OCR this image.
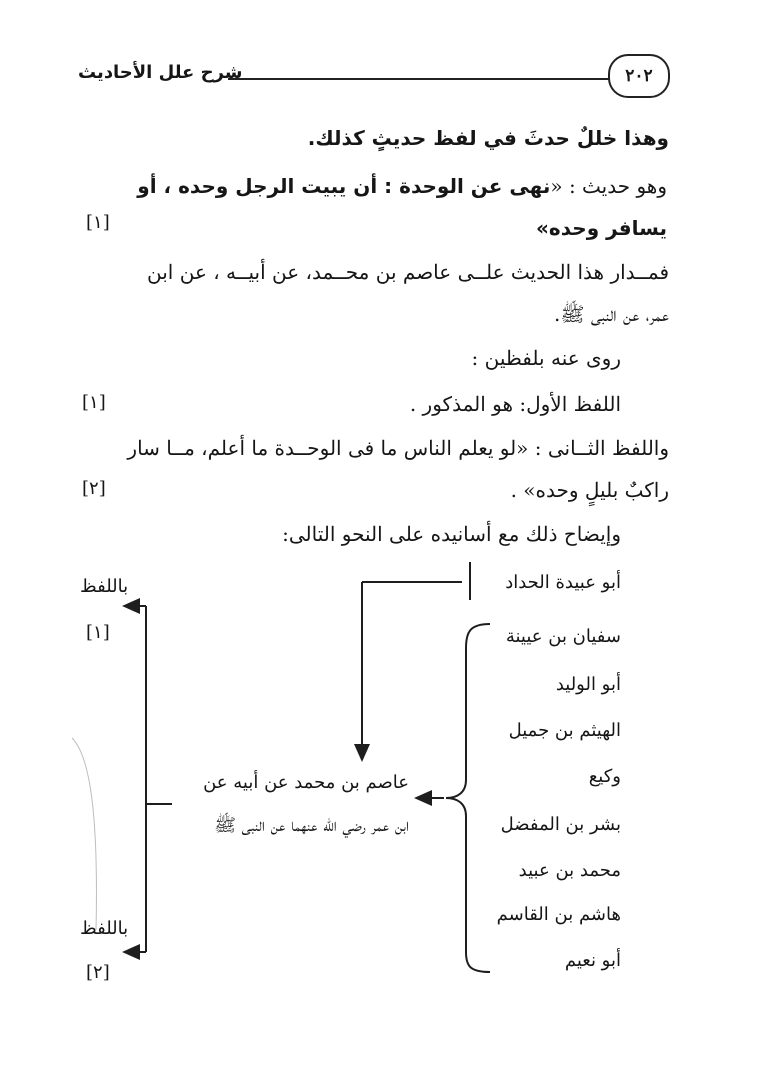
شرح علل الأحاديث	٢٠٢
وهذا خللٌ حدثَ في لفظ حديثٍ كذلك.
وهو حديث : «نهى عن الوحدة : أن يبيت الرجل وحده ، أو
يسافر وحده»
[١]
فمــدار هذا الحديث علــى عاصم بن محــمد، عن أبيــه ، عن ابن
عمر، عن النبى ﷺ.
روى عنه بلفظين :
اللفظ الأول: هو المذكور .
[١]
واللفظ الثــانى : «لو يعلم الناس ما فى الوحــدة ما أعلم، مــا سار
راكبٌ بليلٍ وحده» .
[٢]
وإيضاح ذلك مع أسانيده على النحو التالى:
أبو عبيدة الحداد
سفيان بن عيينة
أبو الوليد
الهيثم بن جميل
وكيع
بشر بن المفضل
محمد بن عبيد
هاشم بن القاسم
أبو نعيم
عاصم بن محمد عن أبيه عن
ابن عمر رضي الله عنهما عن النبى ﷺ
باللفظ
[١]
باللفظ
[٢]
